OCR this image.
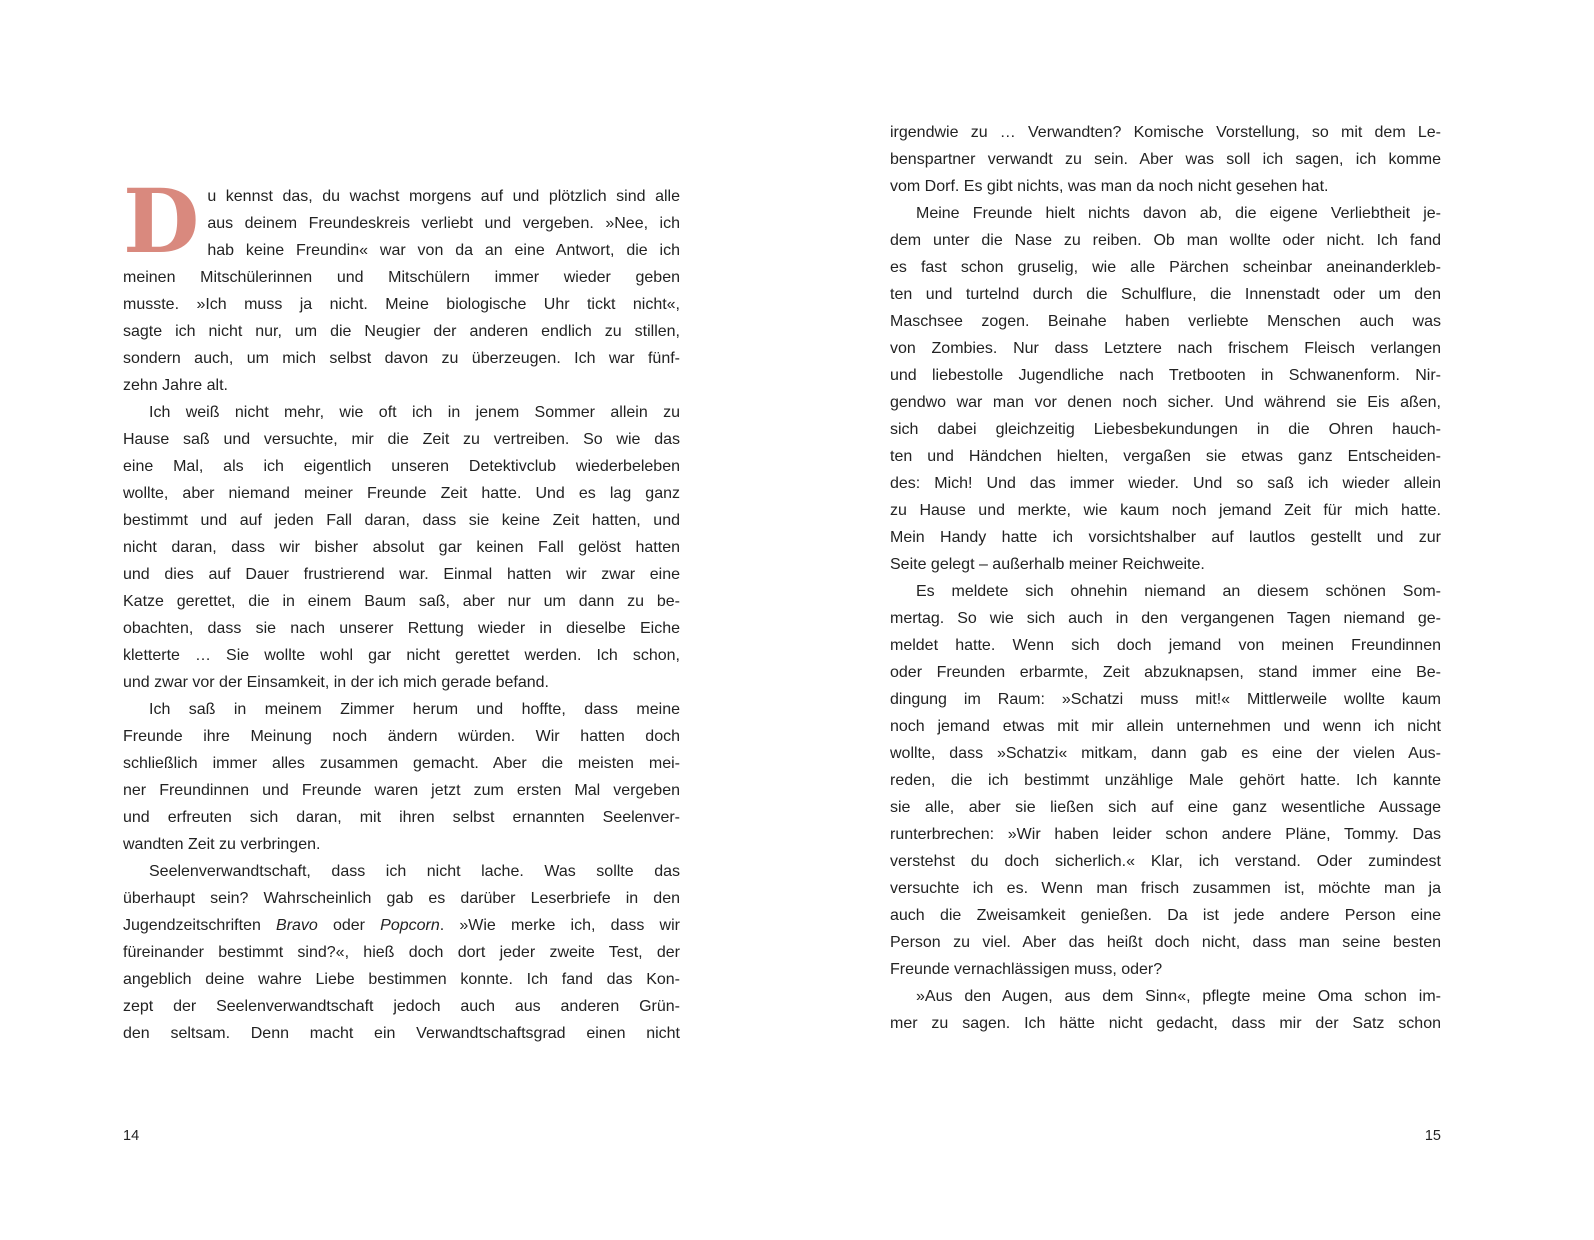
D u kennst das, du wachst morgens auf und plötzlich sind alle
aus deinem Freundeskreis verliebt und vergeben. »Nee, ich
hab keine Freundin« war von da an eine Antwort, die ich
meinen Mitschülerinnen und Mitschülern immer wieder geben
musste. »Ich muss ja nicht. Meine biologische Uhr tickt nicht«,
sagte ich nicht nur, um die Neugier der anderen endlich zu stillen,
sondern auch, um mich selbst davon zu überzeugen. Ich war fünf-
zehn Jahre alt.
Ich weiß nicht mehr, wie oft ich in jenem Sommer allein zu
Hause saß und versuchte, mir die Zeit zu vertreiben. So wie das
eine Mal, als ich eigentlich unseren Detektivclub wiederbeleben
wollte, aber niemand meiner Freunde Zeit hatte. Und es lag ganz
bestimmt und auf jeden Fall daran, dass sie keine Zeit hatten, und
nicht daran, dass wir bisher absolut gar keinen Fall gelöst hatten
und dies auf Dauer frustrierend war. Einmal hatten wir zwar eine
Katze gerettet, die in einem Baum saß, aber nur um dann zu be-
obachten, dass sie nach unserer Rettung wieder in dieselbe Eiche
kletterte … Sie wollte wohl gar nicht gerettet werden. Ich schon,
und zwar vor der Einsamkeit, in der ich mich gerade befand.
Ich saß in meinem Zimmer herum und hoffte, dass meine
Freunde ihre Meinung noch ändern würden. Wir hatten doch
schließlich immer alles zusammen gemacht. Aber die meisten mei-
ner Freundinnen und Freunde waren jetzt zum ersten Mal vergeben
und erfreuten sich daran, mit ihren selbst ernannten Seelenver-
wandten Zeit zu verbringen.
Seelenverwandtschaft, dass ich nicht lache. Was sollte das
überhaupt sein? Wahrscheinlich gab es darüber Leserbriefe in den
Jugendzeitschriften Bravo oder Popcorn. »Wie merke ich, dass wir
füreinander bestimmt sind?«, hieß doch dort jeder zweite Test, der
angeblich deine wahre Liebe bestimmen konnte. Ich fand das Kon-
zept der Seelenverwandtschaft jedoch auch aus anderen Grün-
den seltsam. Denn macht ein Verwandtschaftsgrad einen nicht
irgendwie zu … Verwandten? Komische Vorstellung, so mit dem Le-
benspartner verwandt zu sein. Aber was soll ich sagen, ich komme
vom Dorf. Es gibt nichts, was man da noch nicht gesehen hat.
Meine Freunde hielt nichts davon ab, die eigene Verliebtheit je-
dem unter die Nase zu reiben. Ob man wollte oder nicht. Ich fand
es fast schon gruselig, wie alle Pärchen scheinbar aneinanderkleb-
ten und turtelnd durch die Schulflure, die Innenstadt oder um den
Maschsee zogen. Beinahe haben verliebte Menschen auch was
von Zombies. Nur dass Letztere nach frischem Fleisch verlangen
und liebestolle Jugendliche nach Tretbooten in Schwanenform. Nir-
gendwo war man vor denen noch sicher. Und während sie Eis aßen,
sich dabei gleichzeitig Liebesbekundungen in die Ohren hauch-
ten und Händchen hielten, vergaßen sie etwas ganz Entscheiden-
des: Mich! Und das immer wieder. Und so saß ich wieder allein
zu Hause und merkte, wie kaum noch jemand Zeit für mich hatte.
Mein Handy hatte ich vorsichtshalber auf lautlos gestellt und zur
Seite gelegt – außerhalb meiner Reichweite.
Es meldete sich ohnehin niemand an diesem schönen Som-
mertag. So wie sich auch in den vergangenen Tagen niemand ge-
meldet hatte. Wenn sich doch jemand von meinen Freundinnen
oder Freunden erbarmte, Zeit abzuknapsen, stand immer eine Be-
dingung im Raum: »Schatzi muss mit!« Mittlerweile wollte kaum
noch jemand etwas mit mir allein unternehmen und wenn ich nicht
wollte, dass »Schatzi« mitkam, dann gab es eine der vielen Aus-
reden, die ich bestimmt unzählige Male gehört hatte. Ich kannte
sie alle, aber sie ließen sich auf eine ganz wesentliche Aussage
runterbrechen: »Wir haben leider schon andere Pläne, Tommy. Das
verstehst du doch sicherlich.« Klar, ich verstand. Oder zumindest
versuchte ich es. Wenn man frisch zusammen ist, möchte man ja
auch die Zweisamkeit genießen. Da ist jede andere Person eine
Person zu viel. Aber das heißt doch nicht, dass man seine besten
Freunde vernachlässigen muss, oder?
»Aus den Augen, aus dem Sinn«, pflegte meine Oma schon im-
mer zu sagen. Ich hätte nicht gedacht, dass mir der Satz schon
14	15
